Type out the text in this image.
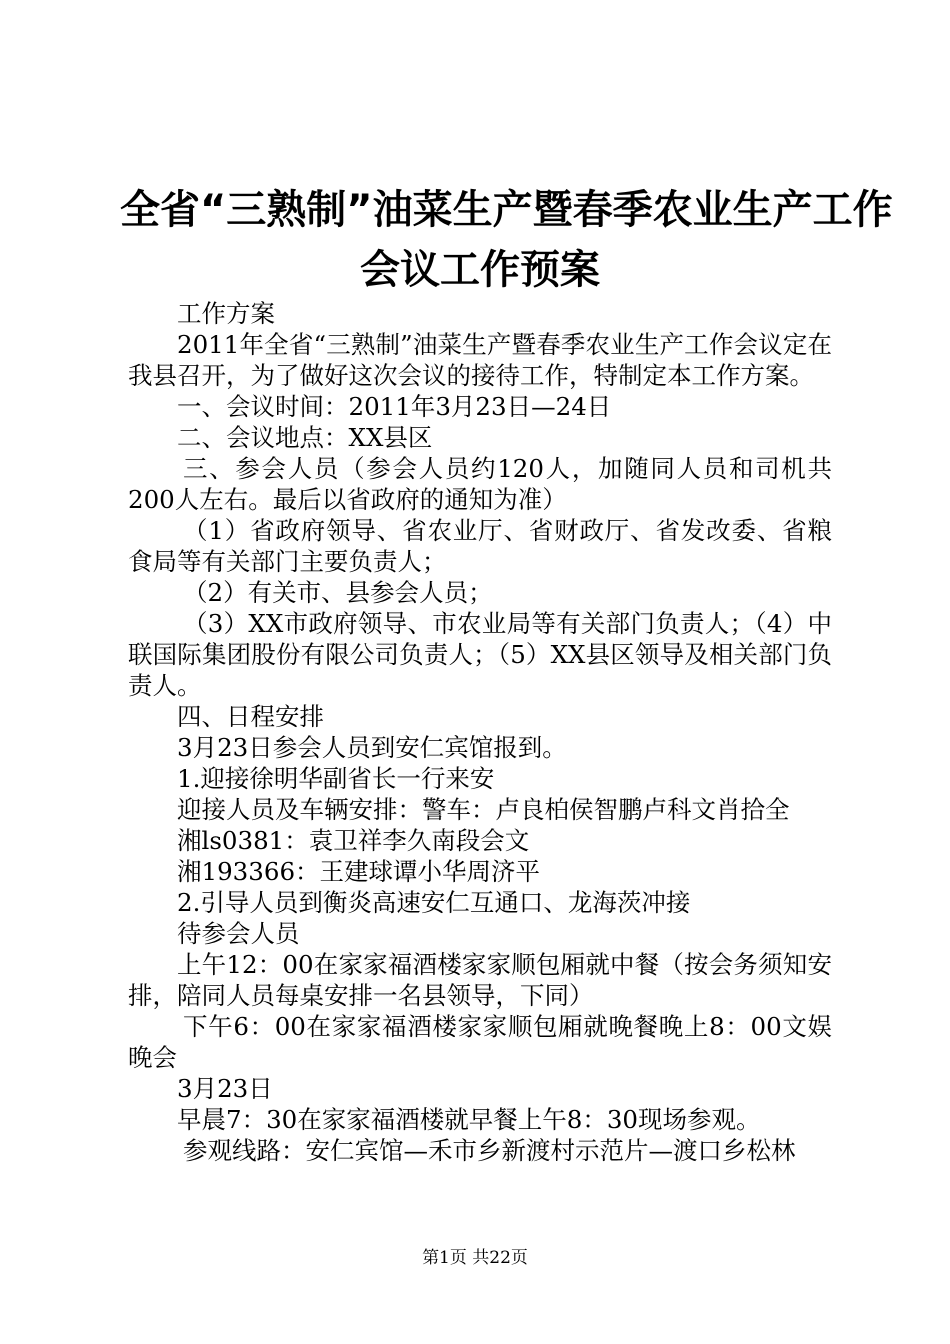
全省“三熟制”油菜生产暨春季农业生产工作
会议工作预案

工作方案

2011年全省“三熟制”油菜生产暨春季农业生产工作会议定在我县召开，为了做好这次会议的接待工作，特制定本工作方案。

一、会议时间：2011年3月23日—24日

二、会议地点：XX县区

三、参会人员（参会人员约120人，加随同人员和司机共200人左右。最后以省政府的通知为准）

（1）省政府领导、省农业厅、省财政厅、省发改委、省粮食局等有关部门主要负责人；

（2）有关市、县参会人员；

（3）XX市政府领导、市农业局等有关部门负责人；（4）中联国际集团股份有限公司负责人；（5）XX县区领导及相关部门负责人。

四、日程安排

3月23日参会人员到安仁宾馆报到。

1.迎接徐明华副省长一行来安

迎接人员及车辆安排：警车：卢良柏侯智鹏卢科文肖拾全

湘ls0381：袁卫祥李久南段会文

湘193366：王建球谭小华周济平

2.引导人员到衡炎高速安仁互通口、龙海茨冲接

待参会人员

上午12：00在家家福酒楼家家顺包厢就中餐（按会务须知安排，陪同人员每桌安排一名县领导，下同）

下午6：00在家家福酒楼家家顺包厢就晚餐晚上8：00文娱晚会

3月23日

早晨7：30在家家福酒楼就早餐上午8：30现场参观。

参观线路：安仁宾馆—禾市乡新渡村示范片—渡口乡松林

第1页 共22页
